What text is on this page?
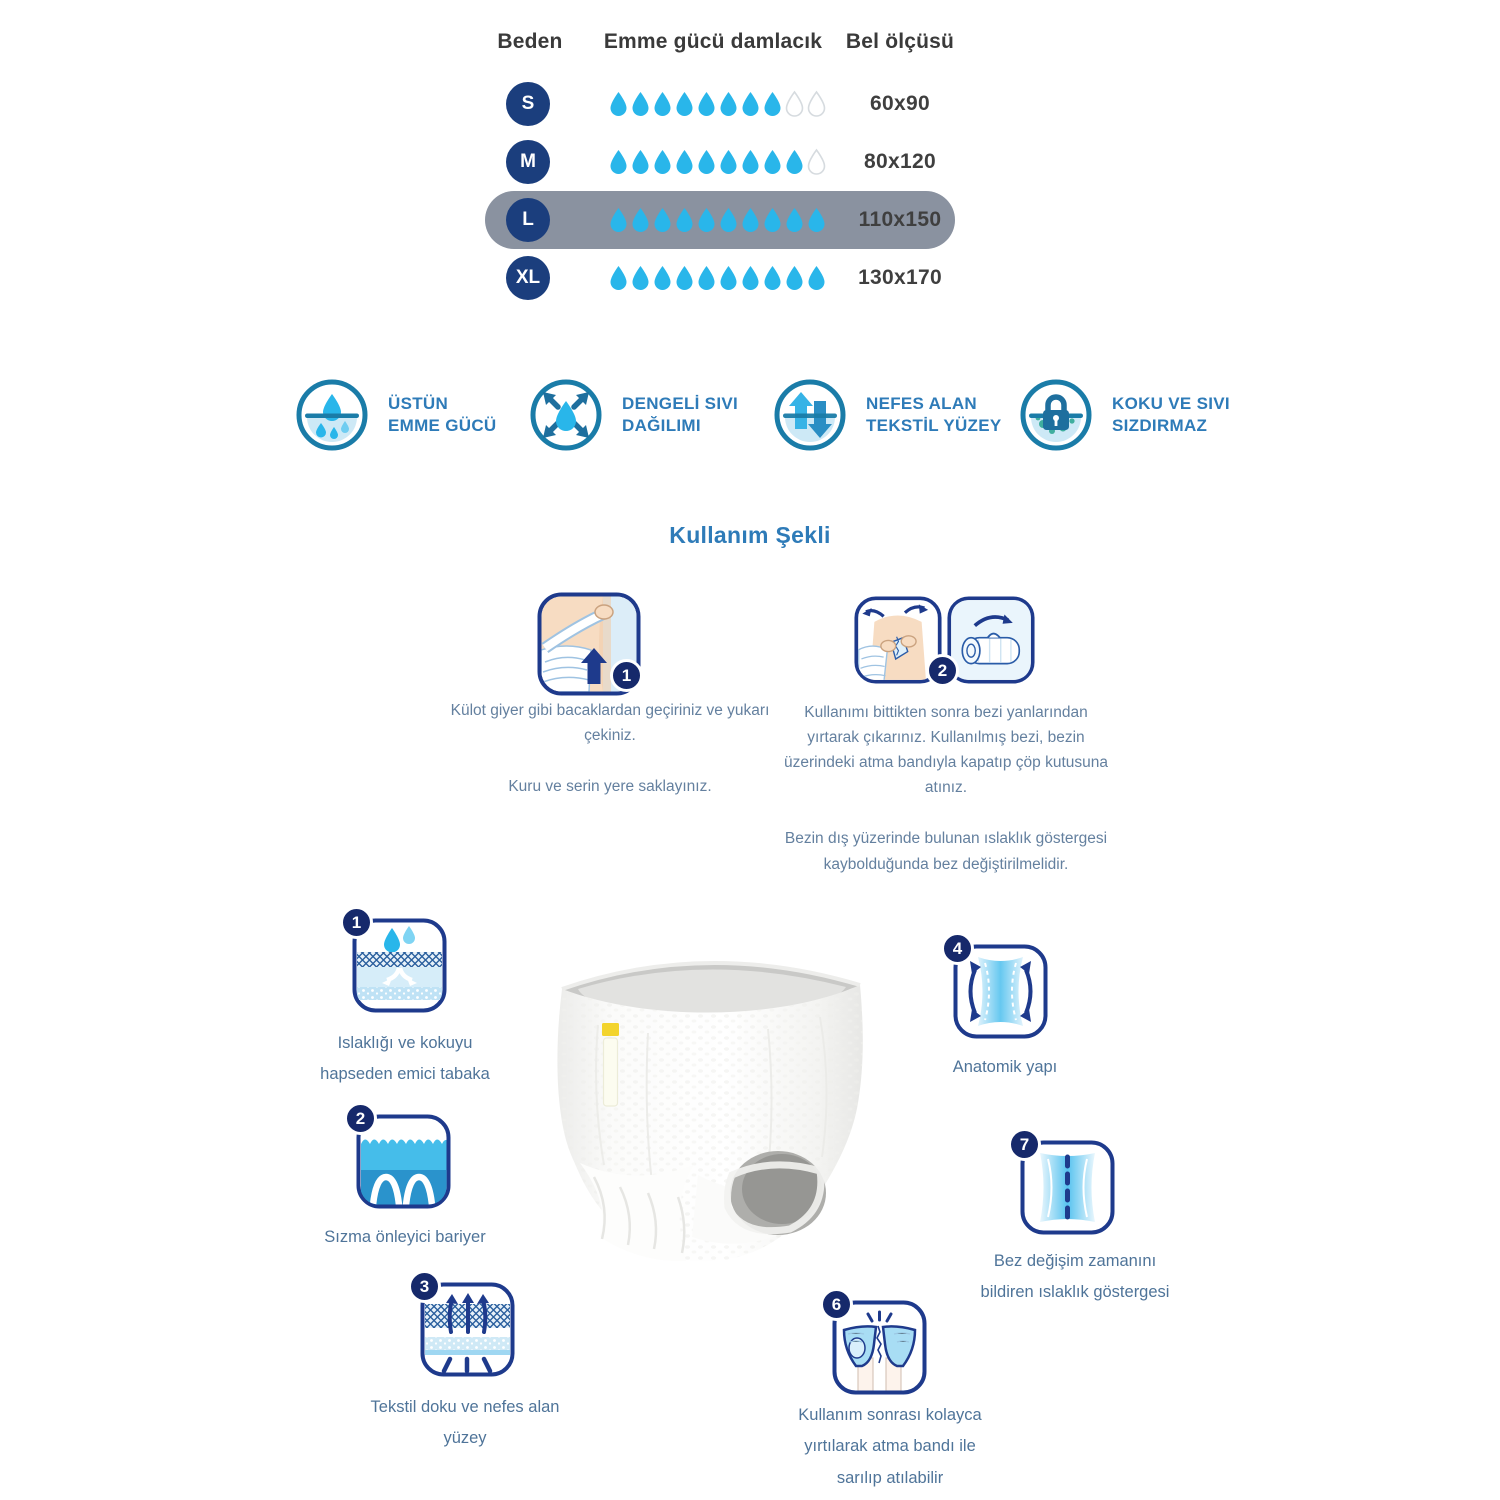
Beden	Emme gücü damlacık	Bel ölçüsü
S	60x90
M	80x120
L	110x150
XL	130x170
ÜSTÜN
EMME GÜCÜ
DENGELİ SIVI
DAĞILIMI
NEFES ALAN
TEKSTİL YÜZEY
KOKU VE SIVI
SIZDIRMAZ
Kullanım Şekli
1	2

Külot giyer gibi bacaklardan geçiriniz ve yukarı çekiniz.

Kuru ve serin yere saklayınız.

Kullanımı bittikten sonra bezi yanlarından yırtarak çıkarınız. Kullanılmış bezi, bezin üzerindeki atma bandıyla kapatıp çöp kutusuna atınız.

Bezin dış yüzerinde bulunan ıslaklık göstergesi kaybolduğunda bez değiştirilmelidir.

1
Islaklığı ve kokuyu hapseden emici tabaka
2
Sızma önleyici bariyer
3
Tekstil doku ve nefes alan yüzey
4
Anatomik yapı
7
Bez değişim zamanını bildiren ıslaklık göstergesi
6
Kullanım sonrası kolayca yırtılarak atma bandı ile sarılıp atılabilir
